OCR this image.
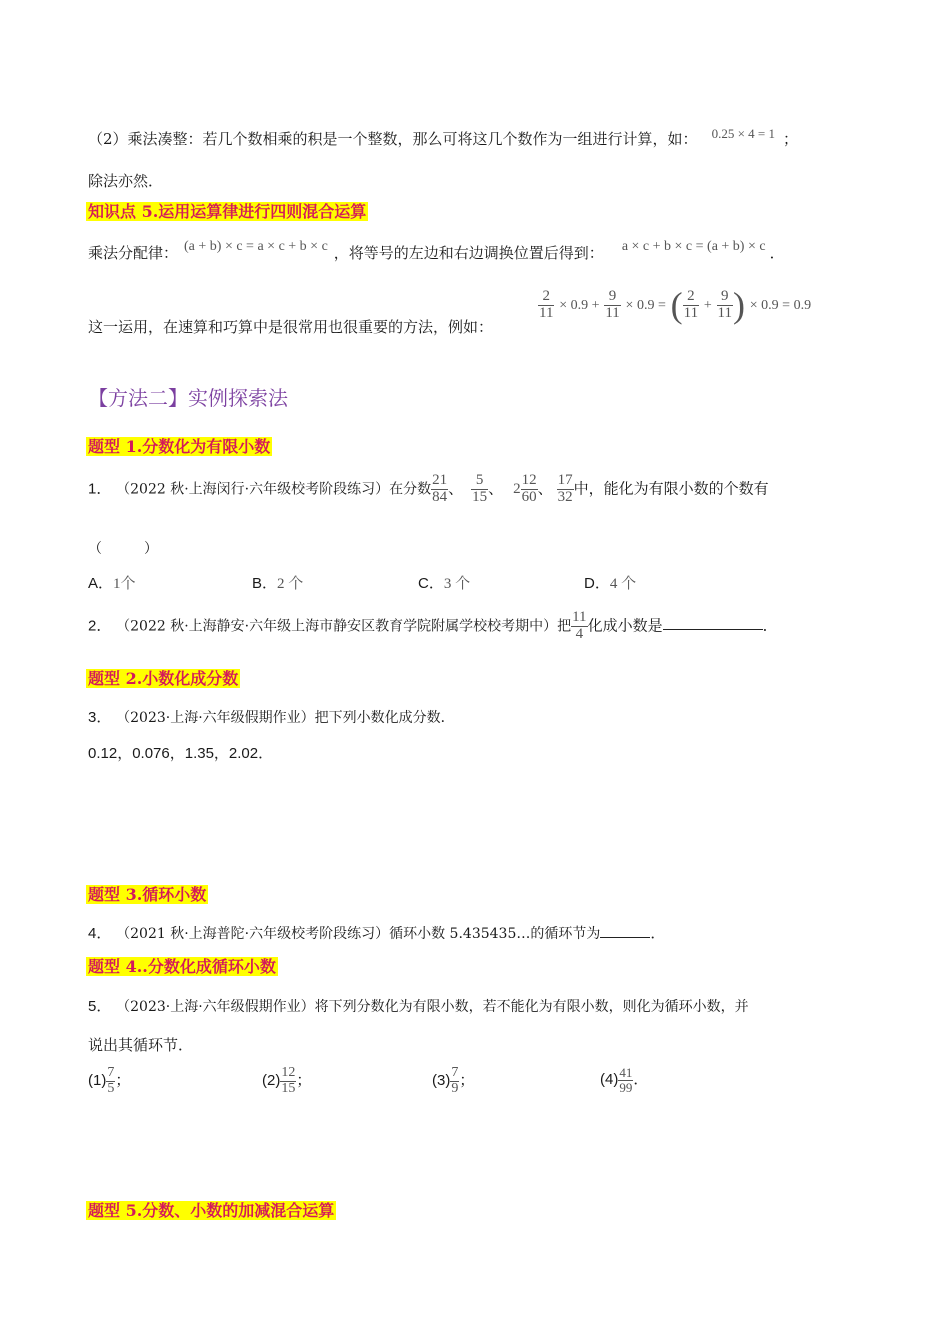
（2）乘法凑整：若几个数相乘的积是一个整数，那么可将这几个数作为一组进行计算，如： 0.25 × 4 = 1 ；
除法亦然．
知识点 5.运用运算律进行四则混合运算
乘法分配律： (a + b) × c = a × c + b × c ，将等号的左边和右边调换位置后得到： a × c + b × c = (a + b) × c ．
这一运用，在速算和巧算中是很常用也很重要的方法，例如：
$\frac{2}{11} \times 0.9 + \frac{9}{11} \times 0.9$ = ( $\frac{2}{11} + \frac{9}{11}$ ) × 0.9 = 0.9
【方法二】实例探索法
题型 1.分数化为有限小数
1． （2022 秋·上海闵行·六年级校考阶段练习）在分数 $\frac{21}{84}$ 、 $\frac{5}{15}$ 、 $2 \frac{12}{60}$ 、 $\frac{17}{32}$ 中，能化为有限小数的个数有
（　　　）
A．1个	B．2 个	C．3 个	D．4 个
2． （2022 秋·上海静安·六年级上海市静安区教育学院附属学校校考期中）把 $\frac{11}{4}$ 化成小数是	．
题型 2.小数化成分数
3． （2023·上海·六年级假期作业）把下列小数化成分数．
0.12，0.076，1.35，2.02．
题型 3.循环小数
4． （2021 秋·上海普陀·六年级校考阶段练习）循环小数 5.435435…的循环节为	．
题型 4..分数化成循环小数
5． （2023·上海·六年级假期作业）将下列分数化为有限小数，若不能化为有限小数，则化为循环小数，并
说出其循环节．
$(1) \frac{7}{5}$ ；	$(2) \frac{12}{15}$ ；	$(3) \frac{7}{9}$ ；	$(4) \frac{41}{99}$ ．
题型 5.分数、小数的加减混合运算
